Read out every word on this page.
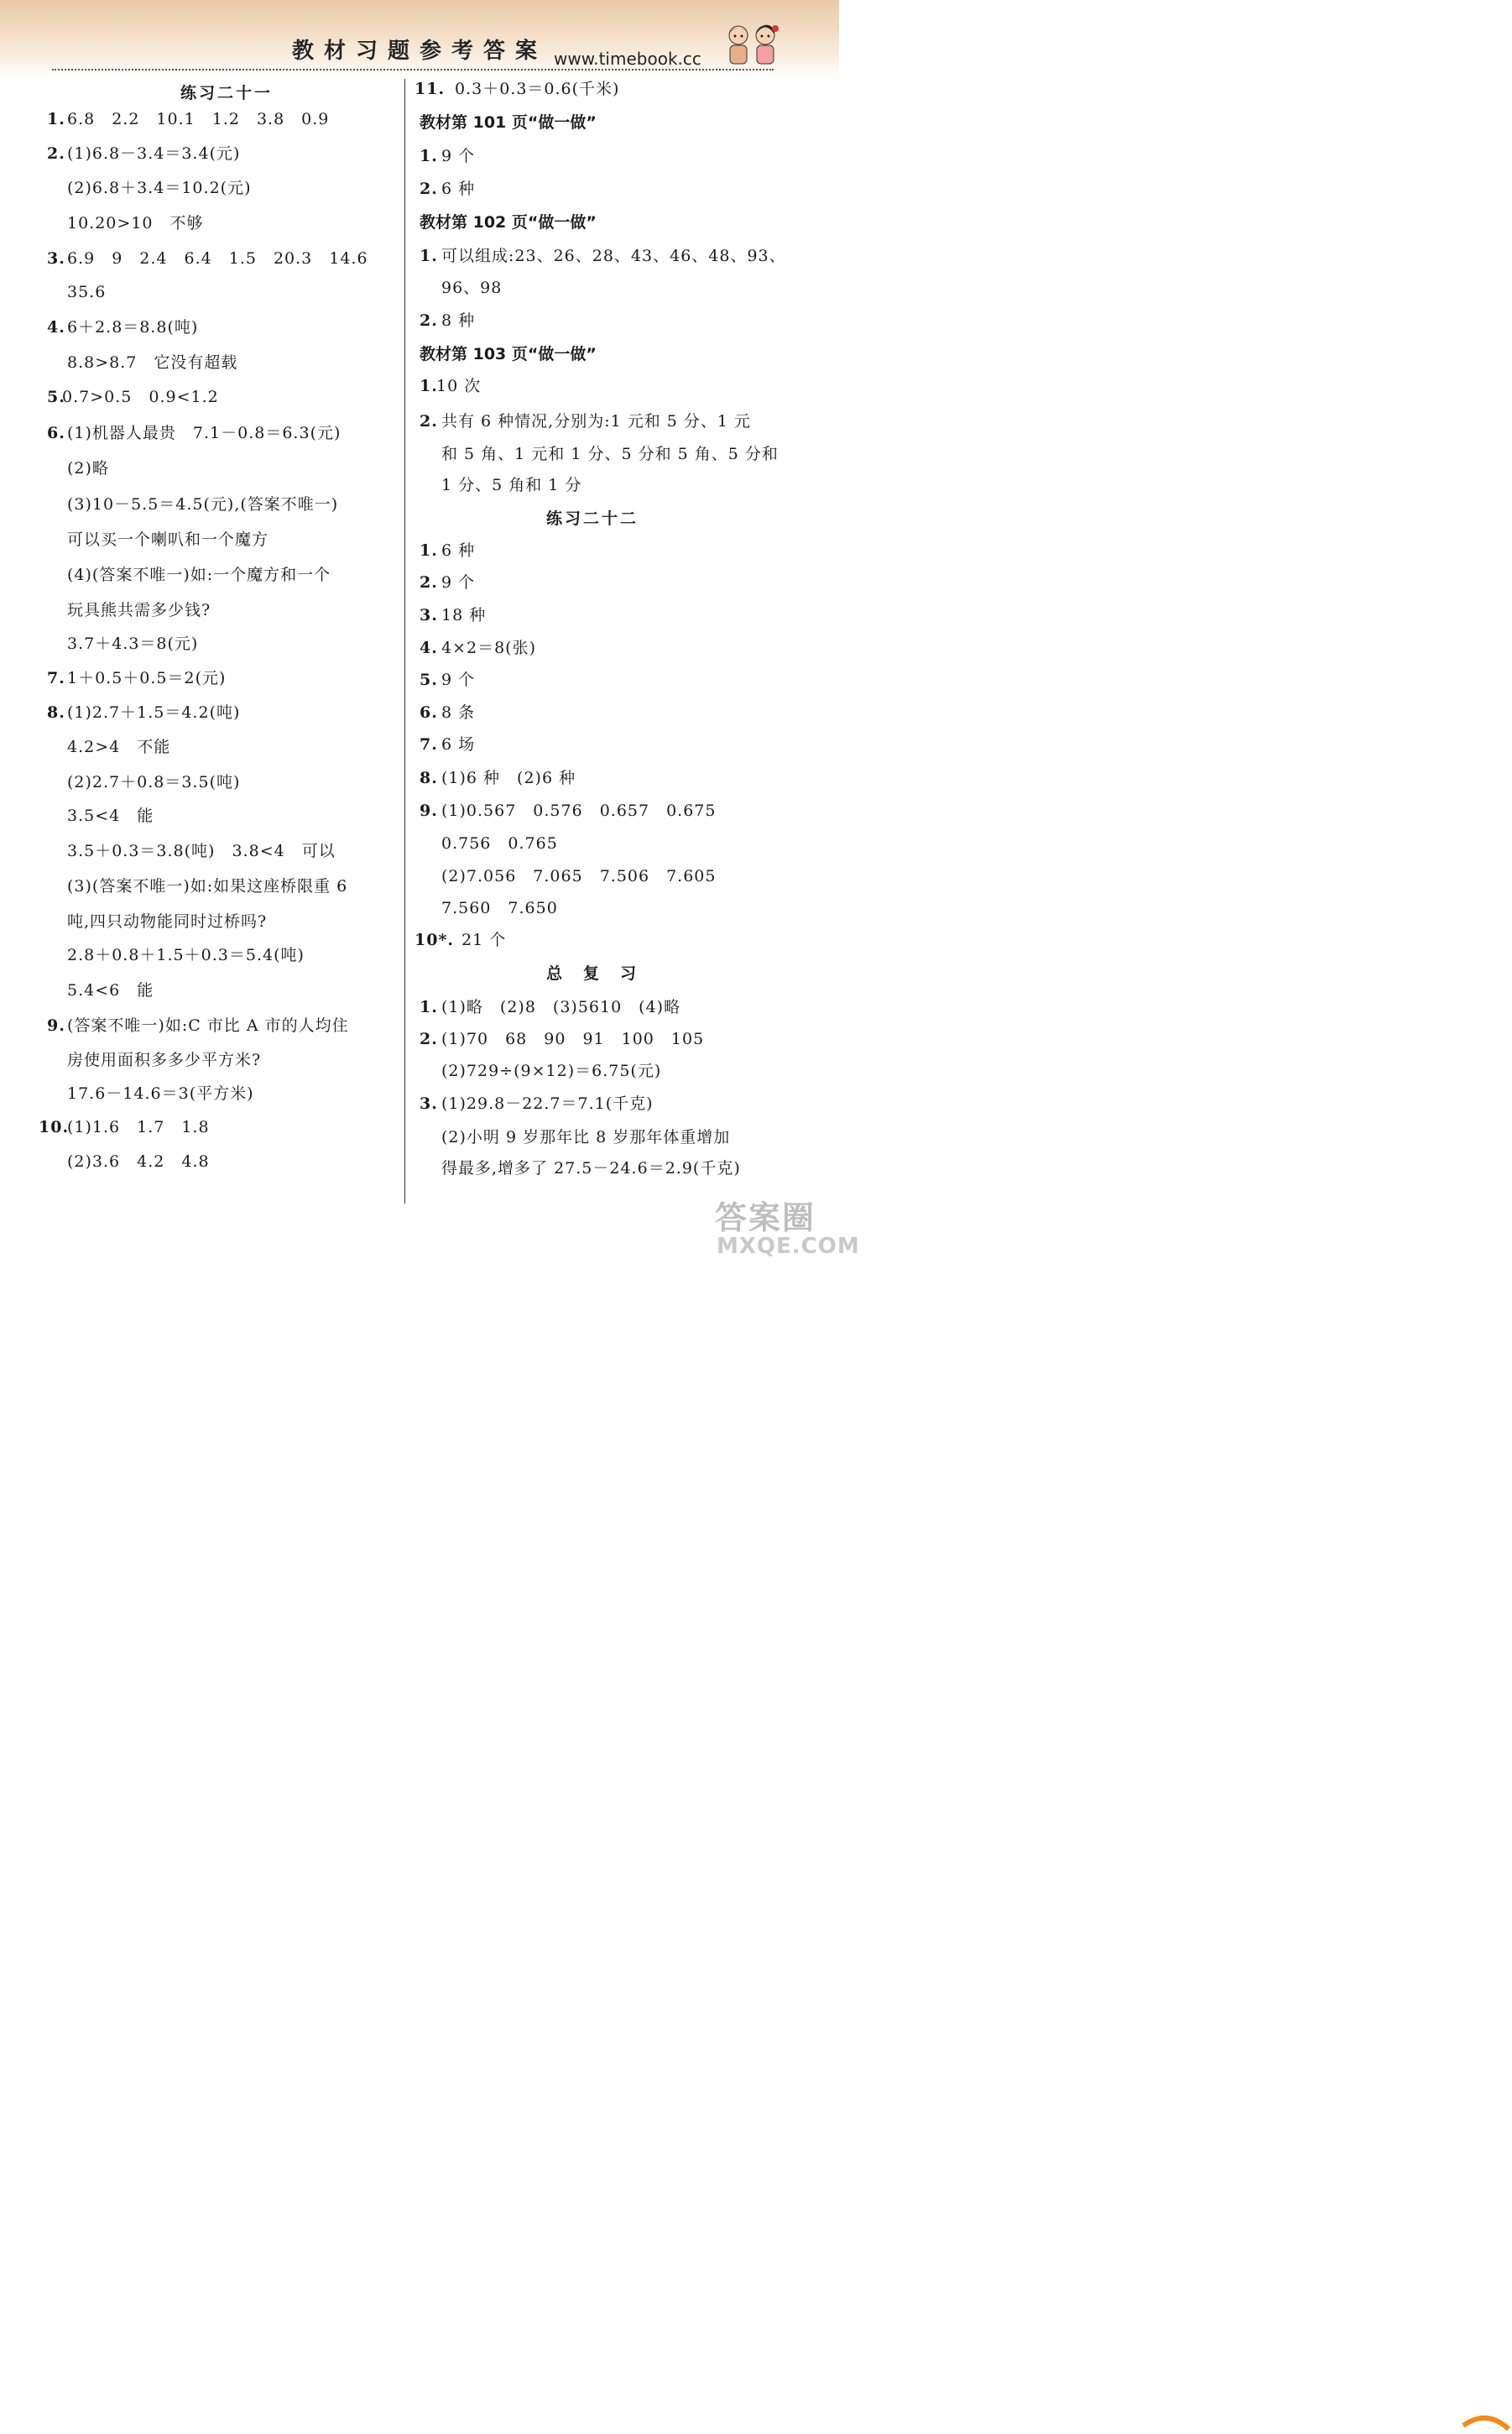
教材习题参考答案 www.timebook.cc
练习二十一
1. 6.8　2.2　10.1　1.2　3.8　0.9
2. (1)6.8－3.4＝3.4(元)
(2)6.8＋3.4＝10.2(元)
10.20>10　不够
3. 6.9　9　2.4　6.4　1.5　20.3　14.6
35.6
4. 6＋2.8＝8.8(吨)
8.8>8.7　它没有超载
5.
0.7>0.5　0.9<1.2
6. (1)机器人最贵　7.1－0.8＝6.3(元)
(2)略
(3)10－5.5＝4.5(元),(答案不唯一)
可以买一个喇叭和一个魔方
(4)(答案不唯一)如:一个魔方和一个
玩具熊共需多少钱?
3.7＋4.3＝8(元)
7. 1＋0.5＋0.5＝2(元)
8. (1)2.7＋1.5＝4.2(吨)
4.2>4　不能
(2)2.7＋0.8＝3.5(吨)
3.5<4　能
3.5＋0.3＝3.8(吨)　3.8<4　可以
(3)(答案不唯一)如:如果这座桥限重 6
吨,四只动物能同时过桥吗?
2.8＋0.8＋1.5＋0.3＝5.4(吨)
5.4<6　能
9. (答案不唯一)如:C 市比 A 市的人均住
房使用面积多多少平方米?
17.6－14.6＝3(平方米)
10.
(1)1.6　1.7　1.8
(2)3.6　4.2　4.8
11. 0.3＋0.3＝0.6(千米)
教材第 101 页“做一做”
1. 9 个
2. 6 种
教材第 102 页“做一做”
1. 可以组成:23、26、28、43、46、48、93、
96、98
2. 8 种
教材第 103 页“做一做”
1.
10 次
2. 共有 6 种情况,分别为:1 元和 5 分、1 元
和 5 角、1 元和 1 分、5 分和 5 角、5 分和
1 分、5 角和 1 分
练习二十二
1. 6 种
2. 9 个
3. 18 种
4. 4×2＝8(张)
5. 9 个
6. 8 条
7. 6 场
8. (1)6 种　(2)6 种
9. (1)0.567　0.576　0.657　0.675
0.756　0.765
(2)7.056　7.065　7.506　7.605
7.560　7.650
10*. 21 个
总　复　习
1. (1)略　(2)8　(3)5610　(4)略
2. (1)70　68　90　91　100　105
(2)729÷(9×12)＝6.75(元)
3. (1)29.8－22.7＝7.1(千克)
(2)小明 9 岁那年比 8 岁那年体重增加
得最多,增多了 27.5－24.6＝2.9(千克)
答案圈
MXQE.COM
